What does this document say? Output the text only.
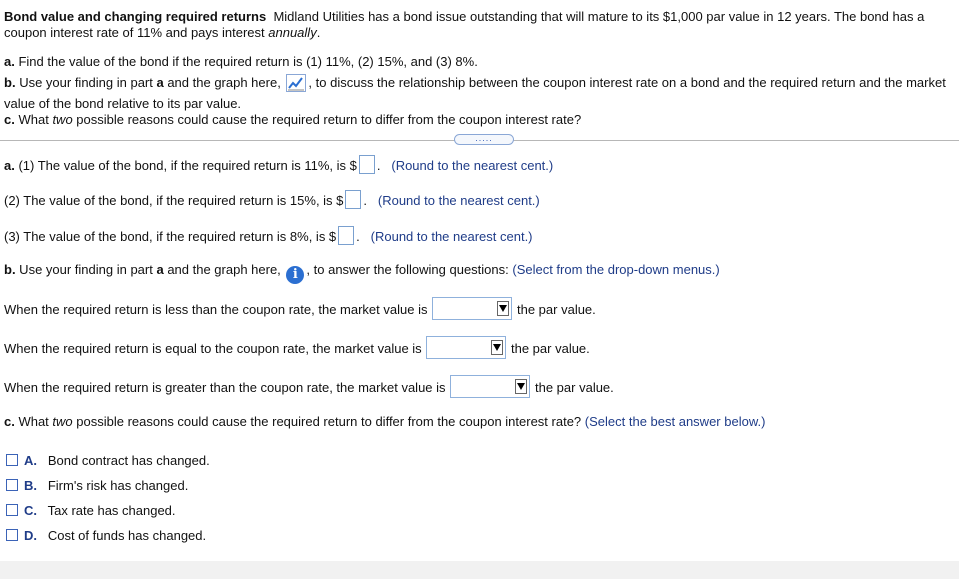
Bond value and changing required returns Midland Utilities has a bond issue outstanding that will mature to its $1,000 par value in 12 years. The bond has a
coupon interest rate of 11% and pays interest annually.
a. Find the value of the bond if the required return is (1) 11%, (2) 15%, and (3) 8%.
b. Use your finding in part a and the graph here, , to discuss the relationship between the coupon interest rate on a bond and the required return and the market
value of the bond relative to its par value.
c. What two possible reasons could cause the required return to differ from the coupon interest rate?
.....
a. (1) The value of the bond, if the required return is 11%, is $ . (Round to the nearest cent.)
(2) The value of the bond, if the required return is 15%, is $ . (Round to the nearest cent.)
(3) The value of the bond, if the required return is 8%, is $ . (Round to the nearest cent.)
b. Use your finding in part a and the graph here, i , to answer the following questions: (Select from the drop-down menus.)
When the required return is less than the coupon rate, the market value is	the par value.
When the required return is equal to the coupon rate, the market value is	the par value.
When the required return is greater than the coupon rate, the market value is	the par value.
c. What two possible reasons could cause the required return to differ from the coupon interest rate? (Select the best answer below.)
A. Bond contract has changed.
B. Firm's risk has changed.
C. Tax rate has changed.
D. Cost of funds has changed.
